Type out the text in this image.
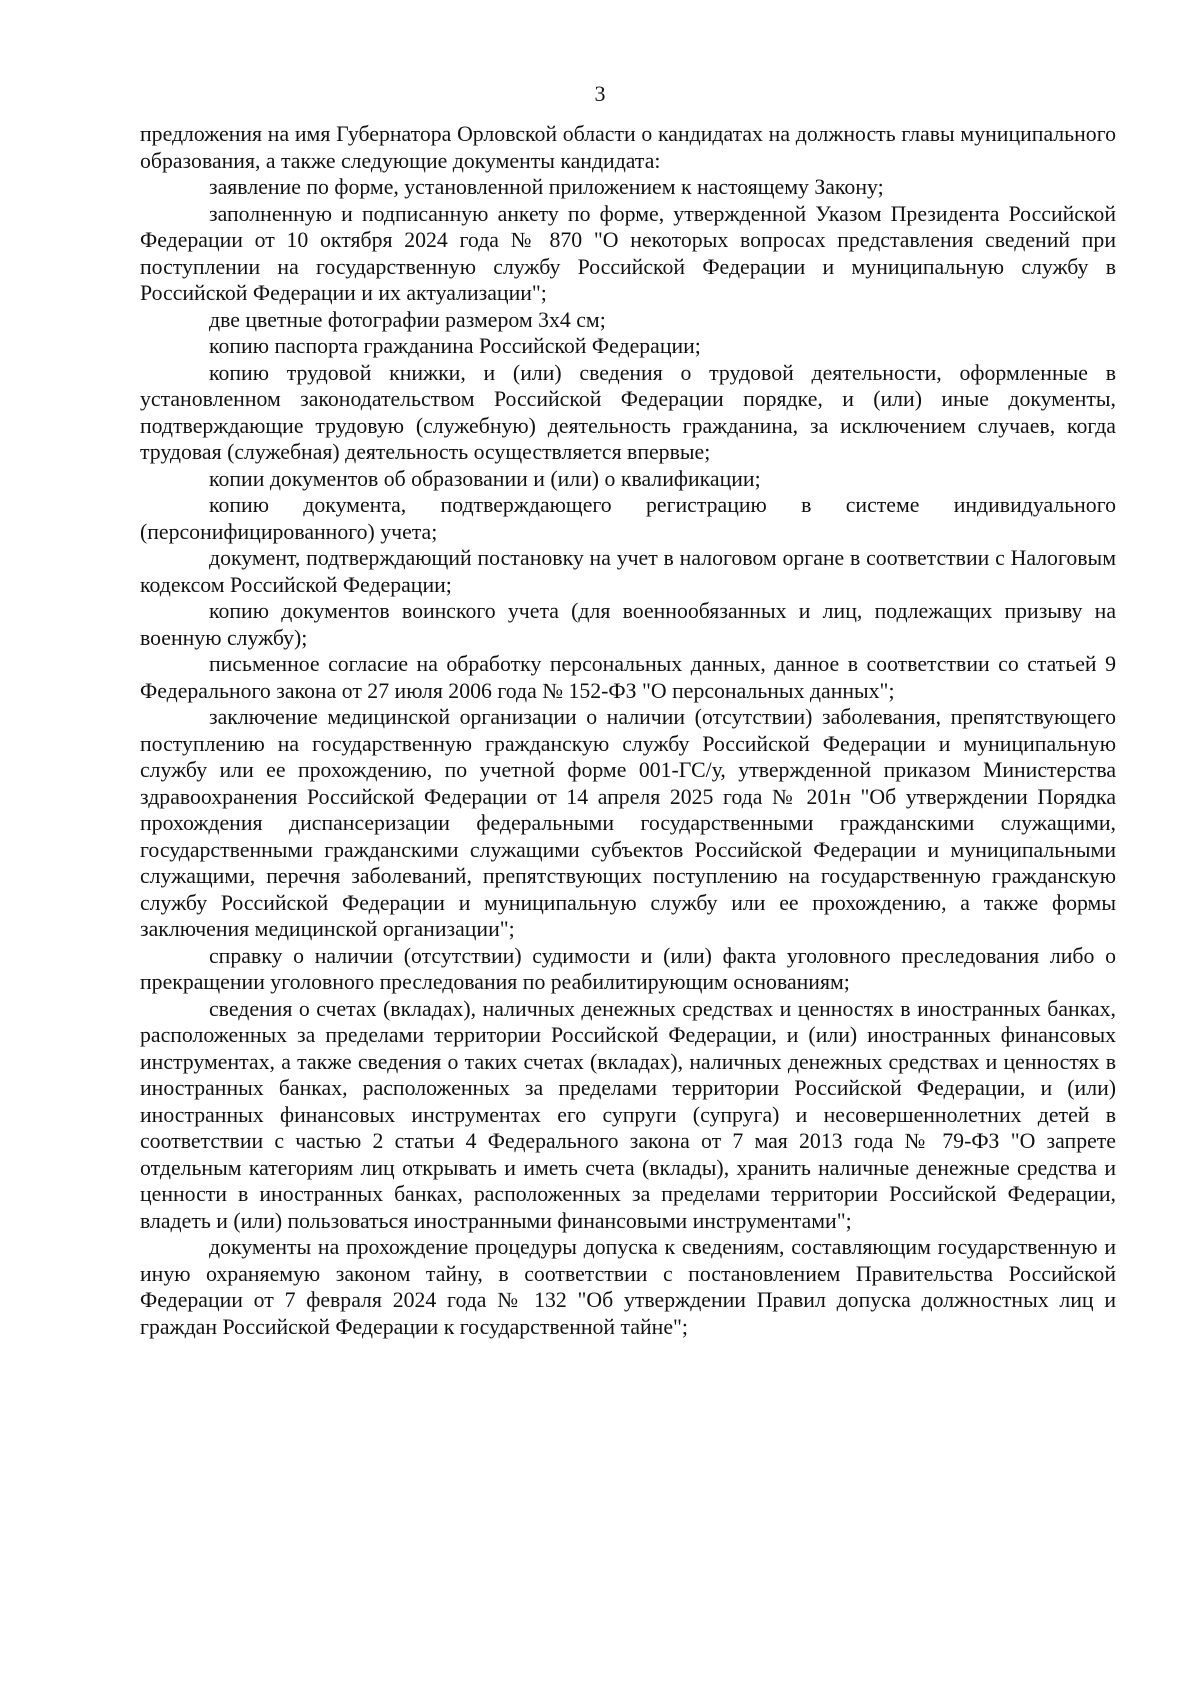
3

предложения на имя Губернатора Орловской области о кандидатах на должность главы муниципального образования, а также следующие документы кандидата:

заявление по форме, установленной приложением к настоящему Закону;

заполненную и подписанную анкету по форме, утвержденной Указом Президента Российской Федерации от 10 октября 2024 года № 870 "О некоторых вопросах представления сведений при поступлении на государственную службу Российской Федерации и муниципальную службу в Российской Федерации и их актуализации";

две цветные фотографии размером 3х4 см;

копию паспорта гражданина Российской Федерации;

копию трудовой книжки, и (или) сведения о трудовой деятельности, оформленные в установленном законодательством Российской Федерации порядке, и (или) иные документы, подтверждающие трудовую (служебную) деятельность гражданина, за исключением случаев, когда трудовая (служебная) деятельность осуществляется впервые;

копии документов об образовании и (или) о квалификации;

копию документа, подтверждающего регистрацию в системе индивидуального (персонифицированного) учета;

документ, подтверждающий постановку на учет в налоговом органе в соответствии с Налоговым кодексом Российской Федерации;

копию документов воинского учета (для военнообязанных и лиц, подлежащих призыву на военную службу);

письменное согласие на обработку персональных данных, данное в соответствии со статьей 9 Федерального закона от 27 июля 2006 года № 152-ФЗ "О персональных данных";

заключение медицинской организации о наличии (отсутствии) заболевания, препятствующего поступлению на государственную гражданскую службу Российской Федерации и муниципальную службу или ее прохождению, по учетной форме 001-ГС/у, утвержденной приказом Министерства здравоохранения Российской Федерации от 14 апреля 2025 года № 201н "Об утверждении Порядка прохождения диспансеризации федеральными государственными гражданскими служащими, государственными гражданскими служащими субъектов Российской Федерации и муниципальными служащими, перечня заболеваний, препятствующих поступлению на государственную гражданскую службу Российской Федерации и муниципальную службу или ее прохождению, а также формы заключения медицинской организации";

справку о наличии (отсутствии) судимости и (или) факта уголовного преследования либо о прекращении уголовного преследования по реабилитирующим основаниям;

сведения о счетах (вкладах), наличных денежных средствах и ценностях в иностранных банках, расположенных за пределами территории Российской Федерации, и (или) иностранных финансовых инструментах, а также сведения о таких счетах (вкладах), наличных денежных средствах и ценностях в иностранных банках, расположенных за пределами территории Российской Федерации, и (или) иностранных финансовых инструментах его супруги (супруга) и несовершеннолетних детей в соответствии с частью 2 статьи 4 Федерального закона от 7 мая 2013 года № 79-ФЗ "О запрете отдельным категориям лиц открывать и иметь счета (вклады), хранить наличные денежные средства и ценности в иностранных банках, расположенных за пределами территории Российской Федерации, владеть и (или) пользоваться иностранными финансовыми инструментами";

документы на прохождение процедуры допуска к сведениям, составляющим государственную и иную охраняемую законом тайну, в соответствии с постановлением Правительства Российской Федерации от 7 февраля 2024 года № 132 "Об утверждении Правил допуска должностных лиц и граждан Российской Федерации к государственной тайне";
